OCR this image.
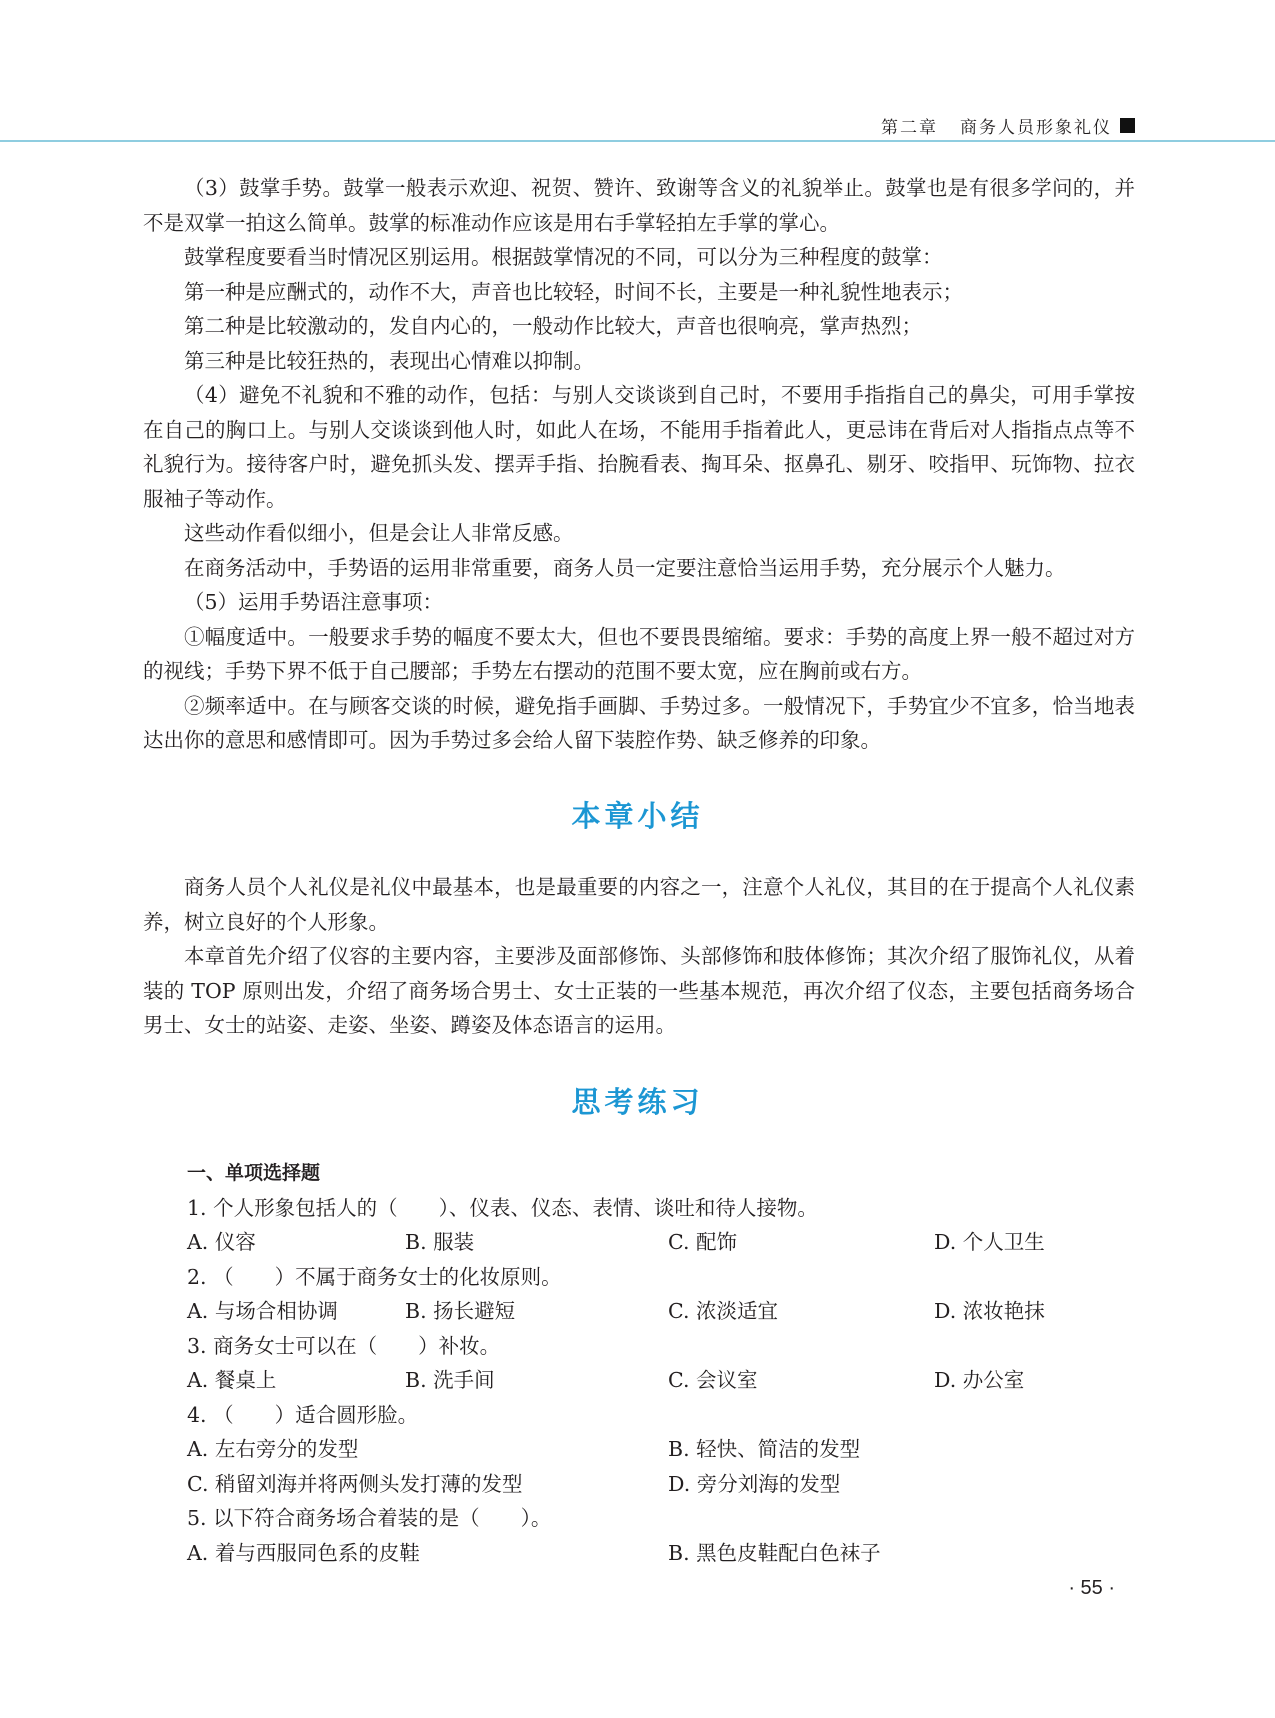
第二章 商务人员形象礼仪

（3）鼓掌手势。鼓掌一般表示欢迎、祝贺、赞许、致谢等含义的礼貌举止。鼓掌也是有很多学问的，并不是双掌一拍这么简单。鼓掌的标准动作应该是用右手掌轻拍左手掌的掌心。

鼓掌程度要看当时情况区别运用。根据鼓掌情况的不同，可以分为三种程度的鼓掌：

第一种是应酬式的，动作不大，声音也比较轻，时间不长，主要是一种礼貌性地表示；

第二种是比较激动的，发自内心的，一般动作比较大，声音也很响亮，掌声热烈；

第三种是比较狂热的，表现出心情难以抑制。

（4）避免不礼貌和不雅的动作，包括：与别人交谈谈到自己时，不要用手指指自己的鼻尖，可用手掌按在自己的胸口上。与别人交谈谈到他人时，如此人在场，不能用手指着此人，更忌讳在背后对人指指点点等不礼貌行为。接待客户时，避免抓头发、摆弄手指、抬腕看表、掏耳朵、抠鼻孔、剔牙、咬指甲、玩饰物、拉衣服袖子等动作。

这些动作看似细小，但是会让人非常反感。

在商务活动中，手势语的运用非常重要，商务人员一定要注意恰当运用手势，充分展示个人魅力。

（5）运用手势语注意事项：

①幅度适中。一般要求手势的幅度不要太大，但也不要畏畏缩缩。要求：手势的高度上界一般不超过对方的视线；手势下界不低于自己腰部；手势左右摆动的范围不要太宽，应在胸前或右方。

②频率适中。在与顾客交谈的时候，避免指手画脚、手势过多。一般情况下，手势宜少不宜多，恰当地表达出你的意思和感情即可。因为手势过多会给人留下装腔作势、缺乏修养的印象。

本章小结

商务人员个人礼仪是礼仪中最基本，也是最重要的内容之一，注意个人礼仪，其目的在于提高个人礼仪素养，树立良好的个人形象。

本章首先介绍了仪容的主要内容，主要涉及面部修饰、头部修饰和肢体修饰；其次介绍了服饰礼仪，从着装的 TOP 原则出发，介绍了商务场合男士、女士正装的一些基本规范，再次介绍了仪态，主要包括商务场合男士、女士的站姿、走姿、坐姿、蹲姿及体态语言的运用。

思考练习
一、单项选择题
1. 个人形象包括人的（　　）、仪表、仪态、表情、谈吐和待人接物。
A. 仪容	B. 服装	C. 配饰	D. 个人卫生
2. （　　）不属于商务女士的化妆原则。
A. 与场合相协调	B. 扬长避短	C. 浓淡适宜	D. 浓妆艳抹
3. 商务女士可以在（　　）补妆。
A. 餐桌上	B. 洗手间	C. 会议室	D. 办公室
4. （　　）适合圆形脸。
A. 左右旁分的发型	B. 轻快、简洁的发型
C. 稍留刘海并将两侧头发打薄的发型	D. 旁分刘海的发型
5. 以下符合商务场合着装的是（　　）。
A. 着与西服同色系的皮鞋	B. 黑色皮鞋配白色袜子
· 55 ·
